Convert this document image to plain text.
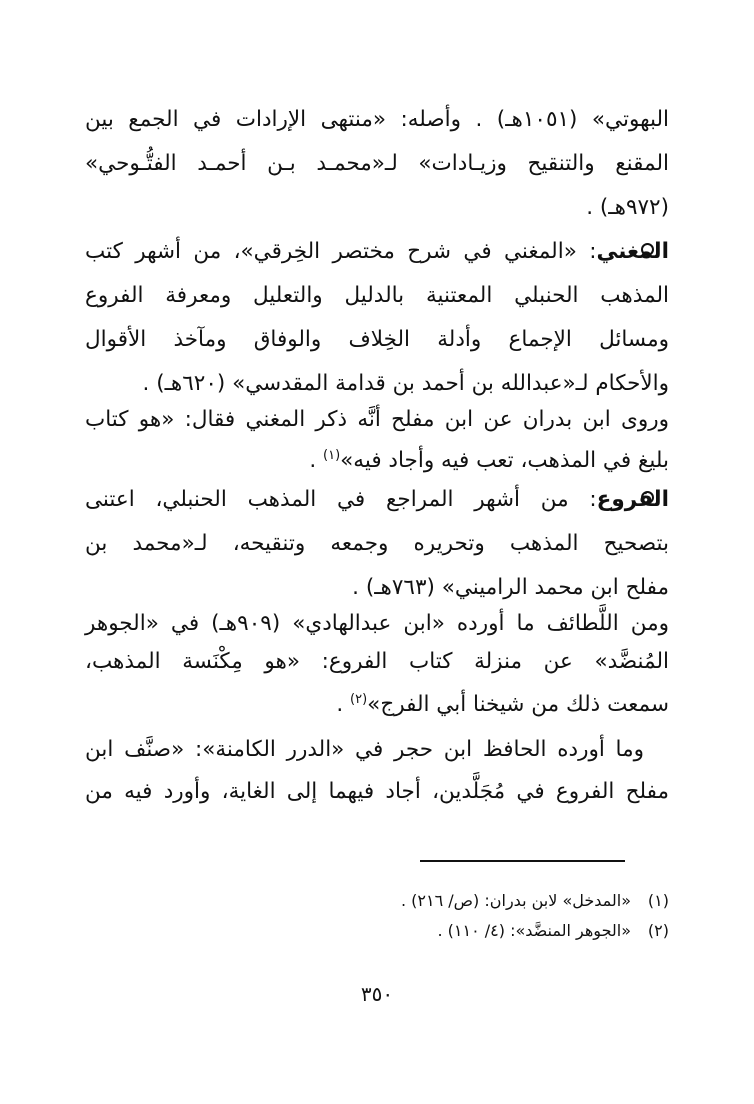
البهوتي» (١٠٥١هـ) . وأصله: «منتهى الإرادات في الجمع بين
المقنع والتنقيح وزيـادات» لـ«محمـد بـن أحمـد الفتُّـوحي»
(٩٧٢هـ) .
المغني: «المغني في شرح مختصر الخِرقي»، من أشهر كتب
المذهب الحنبلي المعتنية بالدليل والتعليل ومعرفة الفروع
ومسائل الإجماع وأدلة الخِلاف والوفاق ومآخذ الأقوال
والأحكام لـ«عبدالله بن أحمد بن قدامة المقدسي» (٦٢٠هـ) .
وروى ابن بدران عن ابن مفلح أنَّه ذكر المغني فقال: «هو كتاب
بليغ في المذهب، تعب فيه وأجاد فيه»$^{(١)}$ .
الفروع: من أشهر المراجع في المذهب الحنبلي، اعتنى
بتصحيح المذهب وتحريره وجمعه وتنقيحه، لـ«محمد بن
مفلح ابن محمد الراميني» (٧٦٣هـ) .
ومن اللَّطائف ما أورده «ابن عبدالهادي» (٩٠٩هـ) في «الجوهر
المُنضَّد» عن منزلة كتاب الفروع: «هو مِكْنَسة المذهب،
سمعت ذلك من شيخنا أبي الفرج»$^{(٢)}$ .
وما أورده الحافظ ابن حجر في «الدرر الكامنة»: «صنَّف ابن
مفلح الفروع في مُجَلَّدين، أجاد فيهما إلى الغاية، وأورد فيه من
(١)«المدخل» لابن بدران: (ص/ ٢١٦) .
(٢)«الجوهر المنضَّد»: (٤/ ١١٠) .
٣٥٠
